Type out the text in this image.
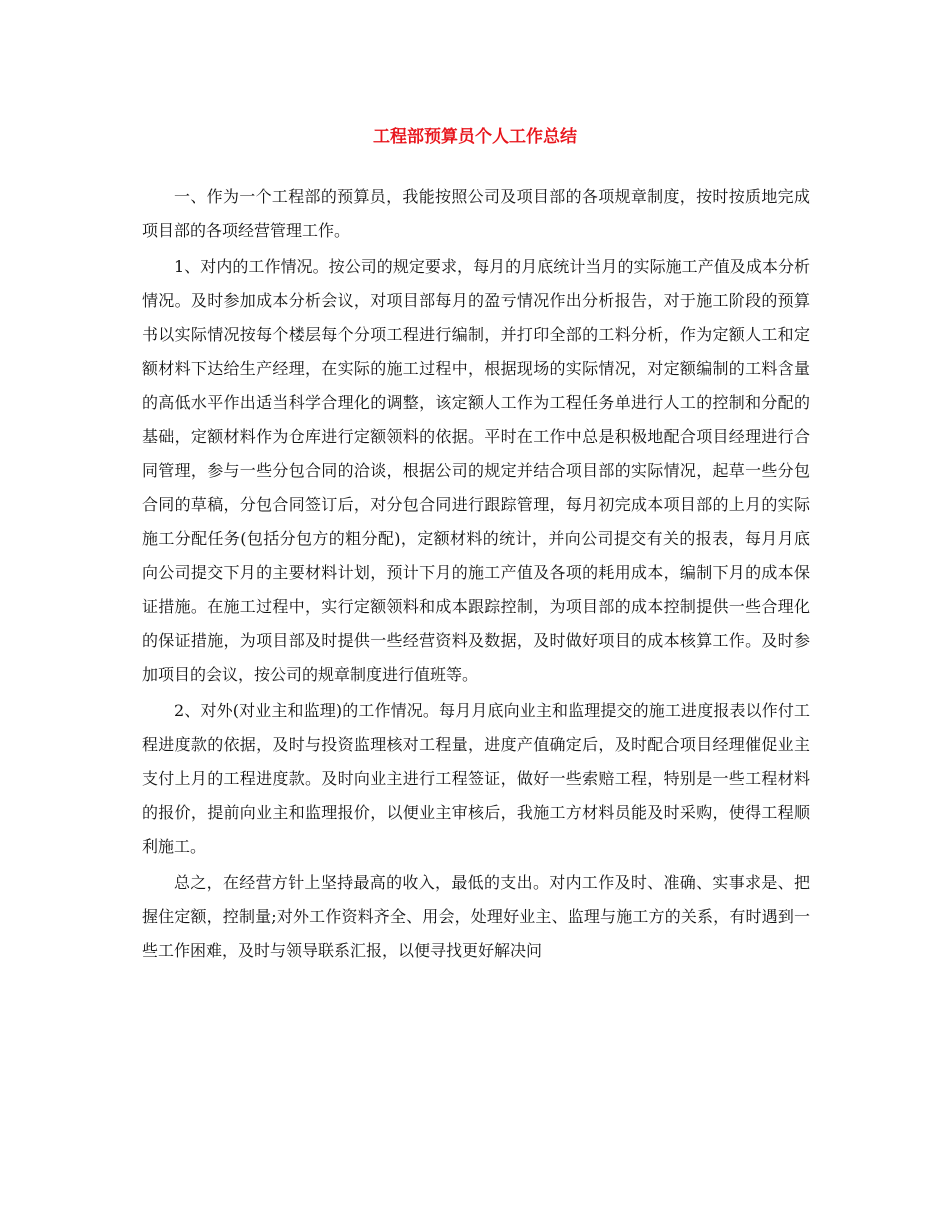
工程部预算员个人工作总结

一、作为一个工程部的预算员，我能按照公司及项目部的各项规章制度，按时按质地完成项目部的各项经营管理工作。

1、对内的工作情况。按公司的规定要求，每月的月底统计当月的实际施工产值及成本分析情况。及时参加成本分析会议，对项目部每月的盈亏情况作出分析报告，对于施工阶段的预算书以实际情况按每个楼层每个分项工程进行编制，并打印全部的工料分析，作为定额人工和定额材料下达给生产经理，在实际的施工过程中，根据现场的实际情况，对定额编制的工料含量的高低水平作出适当科学合理化的调整，该定额人工作为工程任务单进行人工的控制和分配的基础，定额材料作为仓库进行定额领料的依据。平时在工作中总是积极地配合项目经理进行合同管理，参与一些分包合同的洽谈，根据公司的规定并结合项目部的实际情况，起草一些分包合同的草稿，分包合同签订后，对分包合同进行跟踪管理，每月初完成本项目部的上月的实际施工分配任务(包括分包方的粗分配)，定额材料的统计，并向公司提交有关的报表，每月月底向公司提交下月的主要材料计划，预计下月的施工产值及各项的耗用成本，编制下月的成本保证措施。在施工过程中，实行定额领料和成本跟踪控制，为项目部的成本控制提供一些合理化的保证措施，为项目部及时提供一些经营资料及数据，及时做好项目的成本核算工作。及时参加项目的会议，按公司的规章制度进行值班等。

2、对外(对业主和监理)的工作情况。每月月底向业主和监理提交的施工进度报表以作付工程进度款的依据，及时与投资监理核对工程量，进度产值确定后，及时配合项目经理催促业主支付上月的工程进度款。及时向业主进行工程签证，做好一些索赔工程，特别是一些工程材料的报价，提前向业主和监理报价，以便业主审核后，我施工方材料员能及时采购，使得工程顺利施工。

总之，在经营方针上坚持最高的收入，最低的支出。对内工作及时、准确、实事求是、把握住定额，控制量;对外工作资料齐全、用会，处理好业主、监理与施工方的关系，有时遇到一些工作困难，及时与领导联系汇报，以便寻找更好解决问
